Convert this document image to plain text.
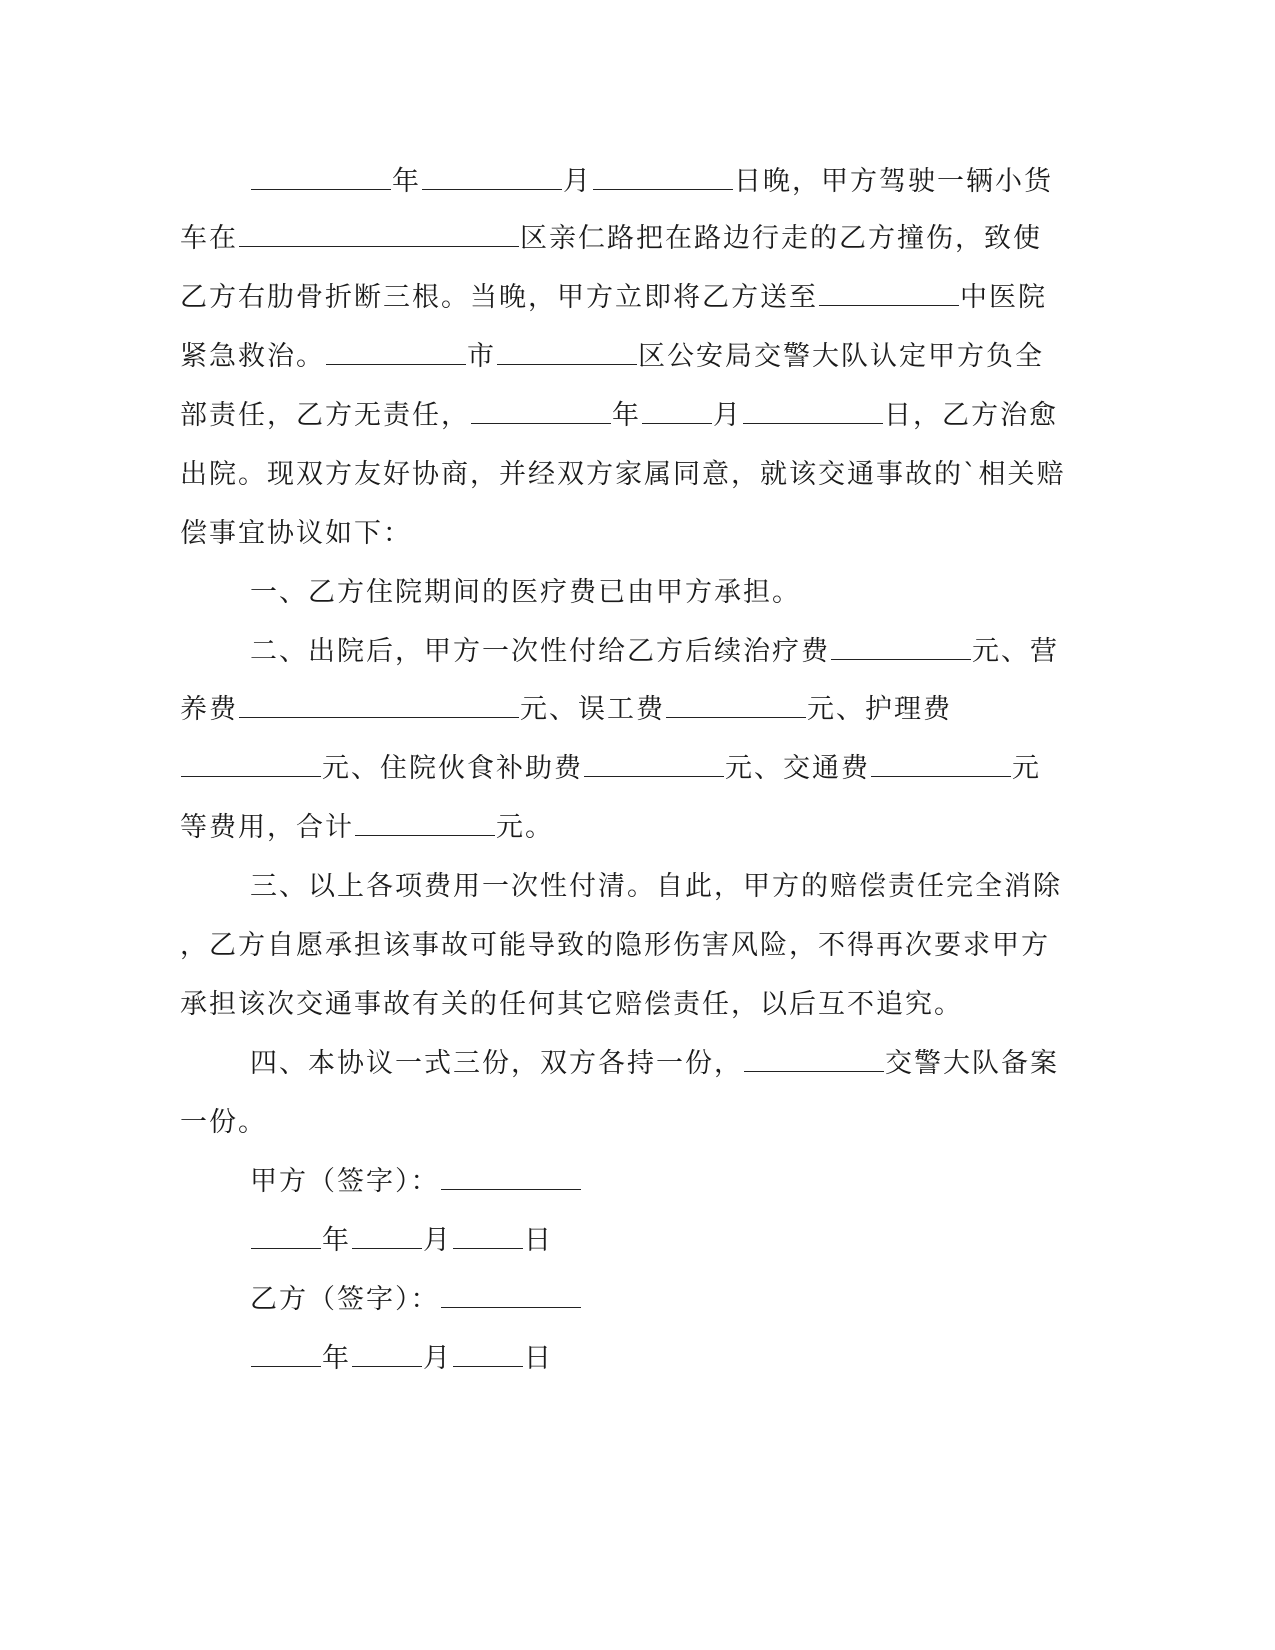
年	月	日晚，甲方驾驶一辆小货
车在	区亲仁路把在路边行走的乙方撞伤，致使
乙方右肋骨折断三根。当晚，甲方立即将乙方送至	中医院
紧急救治。	市	区公安局交警大队认定甲方负全
部责任，乙方无责任，	年	月	日，乙方治愈
出院。现双方友好协商，并经双方家属同意，就该交通事故的`相关赔
偿事宜协议如下：
一、乙方住院期间的医疗费已由甲方承担。
二、出院后，甲方一次性付给乙方后续治疗费	元、营
养费	元、误工费	元、护理费
元、住院伙食补助费	元、交通费	元
等费用，合计	元。
三、以上各项费用一次性付清。自此，甲方的赔偿责任完全消除
，乙方自愿承担该事故可能导致的隐形伤害风险，不得再次要求甲方
承担该次交通事故有关的任何其它赔偿责任，以后互不追究。
四、本协议一式三份，双方各持一份，	交警大队备案
一份。
甲方（签字）：
年	月	日
乙方（签字）：
年	月	日
